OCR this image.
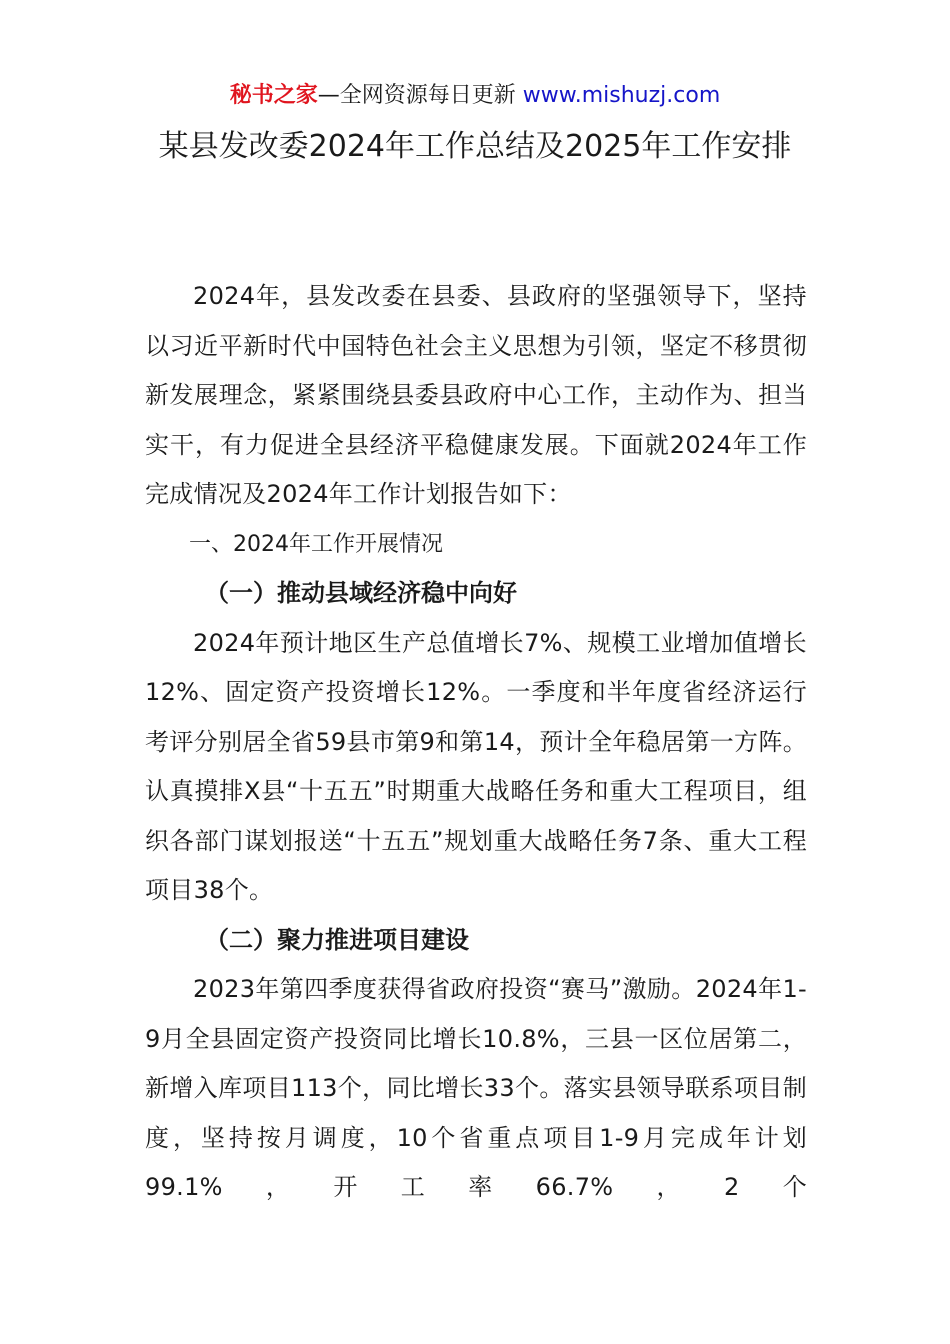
秘书之家—全网资源每日更新 www.mishuzj.com
某县发改委2024年工作总结及2025年工作安排

2024年，县发改委在县委、县政府的坚强领导下，坚持以习近平新时代中国特色社会主义思想为引领，坚定不移贯彻新发展理念，紧紧围绕县委县政府中心工作，主动作为、担当实干，有力促进全县经济平稳健康发展。下面就2024年工作完成情况及2024年工作计划报告如下：

一、2024年工作开展情况

（一）推动县域经济稳中向好

2024年预计地区生产总值增长7%、规模工业增加值增长12%、固定资产投资增长12%。一季度和半年度省经济运行考评分别居全省59县市第9和第14，预计全年稳居第一方阵。认真摸排X县“十五五”时期重大战略任务和重大工程项目，组织各部门谋划报送“十五五”规划重大战略任务7条、重大工程项目38个。

（二）聚力推进项目建设

2023年第四季度获得省政府投资“赛马”激励。2024年1-9月全县固定资产投资同比增长10.8%，三县一区位居第二，新增入库项目113个，同比增长33个。落实县领导联系项目制度，坚持按月调度，10个省重点项目1-9月完成年计划99.1%，开工率66.7%，2个
